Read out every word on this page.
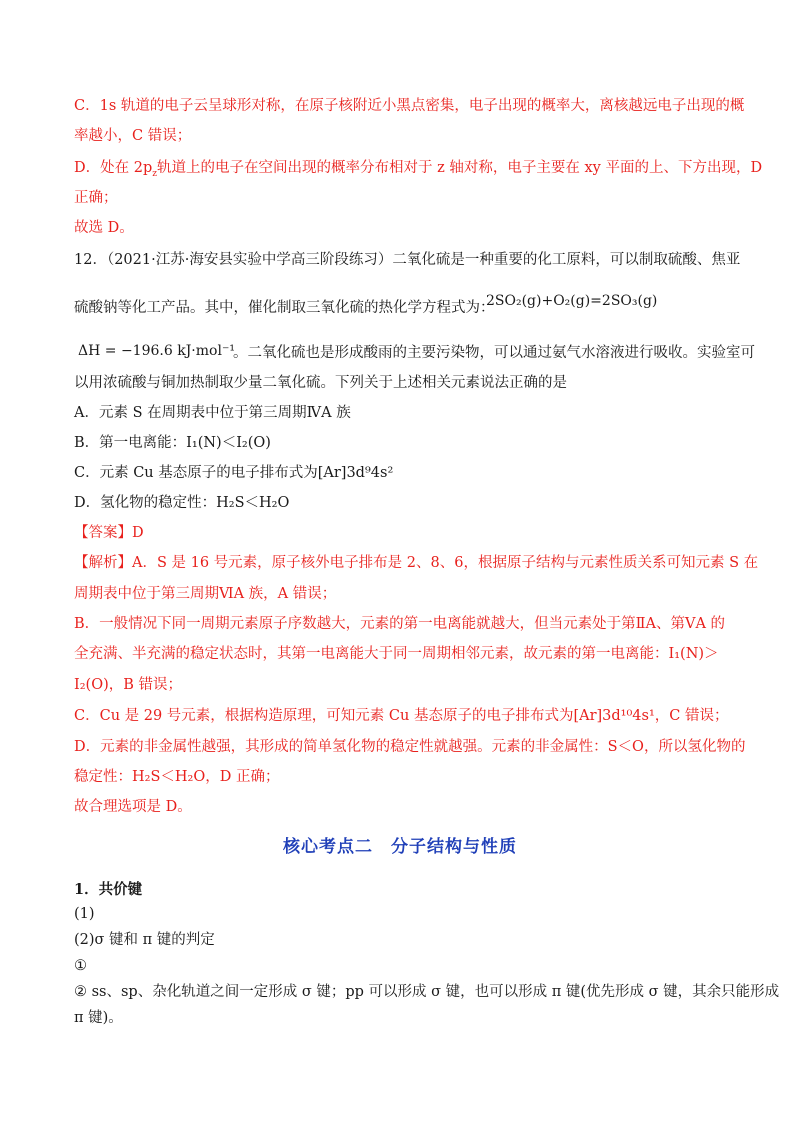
C．1s 轨道的电子云呈球形对称，在原子核附近小黑点密集，电子出现的概率大，离核越远电子出现的概
率越小，C 错误；
D．处在 $2p_z$轨道上的电子在空间出现的概率分布相对于 z 轴对称，电子主要在 xy 平面的上、下方出现，D
正确；
故选 D。
12．（2021·江苏·海安县实验中学高三阶段练习）二氧化硫是一种重要的化工原料，可以制取硫酸、焦亚
硫酸钠等化工产品。其中，催化制取三氧化硫的热化学方程式为：
2SO₂(g)+O₂(g)=2SO₃(g)
ΔH = −196.6 kJ·mol⁻¹
。二氧化硫也是形成酸雨的主要污染物，可以通过氨气水溶液进行吸收。实验室可
以用浓硫酸与铜加热制取少量二氧化硫。下列关于上述相关元素说法正确的是
A．元素 S 在周期表中位于第三周期ⅣA 族
B．第一电离能：I₁(N)＜I₂(O)
C．元素 Cu 基态原子的电子排布式为[Ar]3d⁹4s²
D．氢化物的稳定性：H₂S＜H₂O
【答案】D
【解析】A．S 是 16 号元素，原子核外电子排布是 2、8、6，根据原子结构与元素性质关系可知元素 S 在
周期表中位于第三周期ⅥA 族，A 错误；
B．一般情况下同一周期元素原子序数越大，元素的第一电离能就越大，但当元素处于第ⅡA、第ⅤA 的
全充满、半充满的稳定状态时，其第一电离能大于同一周期相邻元素，故元素的第一电离能：I₁(N)＞
I₂(O)，B 错误；
C．Cu 是 29 号元素，根据构造原理，可知元素 Cu 基态原子的电子排布式为[Ar]3d¹⁰4s¹，C 错误；
D．元素的非金属性越强，其形成的简单氢化物的稳定性就越强。元素的非金属性：S＜O，所以氢化物的
稳定性：H₂S＜H₂O，D 正确；
故合理选项是 D。
核心考点二　分子结构与性质
1．共价键
(1)
(2)σ 键和 π 键的判定
①
② ss、sp、杂化轨道之间一定形成 σ 键；pp 可以形成 σ 键，也可以形成 π 键(优先形成 σ 键，其余只能形成
π 键)。
